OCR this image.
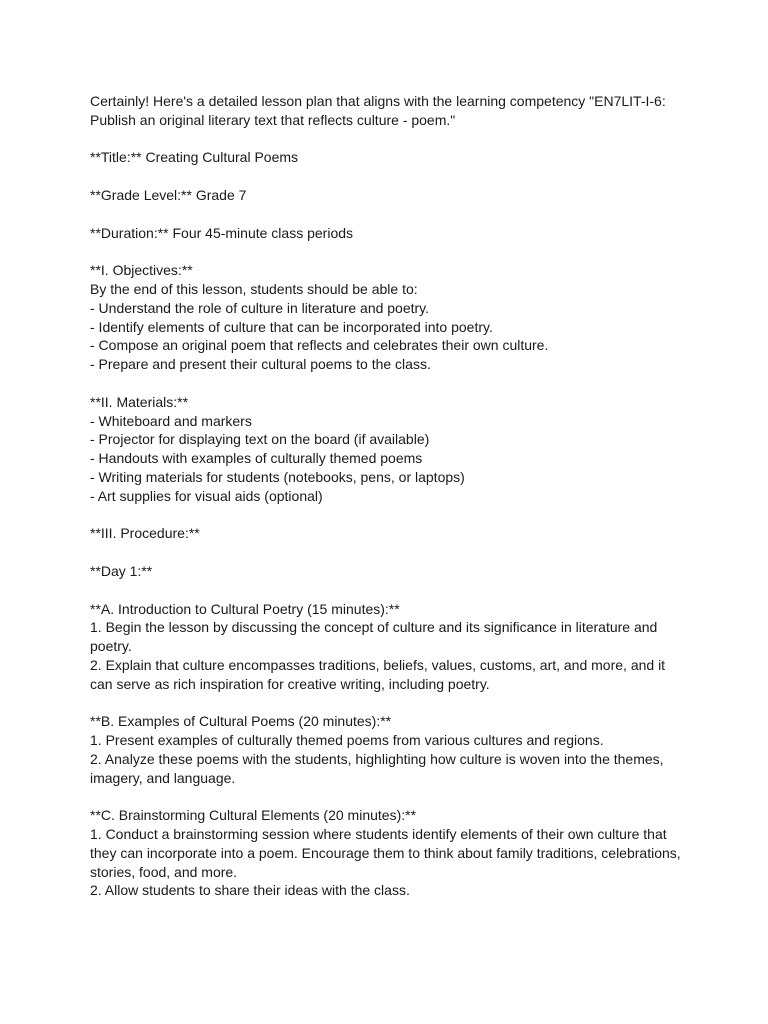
Certainly! Here's a detailed lesson plan that aligns with the learning competency "EN7LIT-I-6:
Publish an original literary text that reflects culture - poem."
**Title:** Creating Cultural Poems
**Grade Level:** Grade 7
**Duration:** Four 45-minute class periods
**I. Objectives:**
By the end of this lesson, students should be able to:
- Understand the role of culture in literature and poetry.
- Identify elements of culture that can be incorporated into poetry.
- Compose an original poem that reflects and celebrates their own culture.
- Prepare and present their cultural poems to the class.
**II. Materials:**
- Whiteboard and markers
- Projector for displaying text on the board (if available)
- Handouts with examples of culturally themed poems
- Writing materials for students (notebooks, pens, or laptops)
- Art supplies for visual aids (optional)
**III. Procedure:**
**Day 1:**
**A. Introduction to Cultural Poetry (15 minutes):**
1. Begin the lesson by discussing the concept of culture and its significance in literature and
poetry.
2. Explain that culture encompasses traditions, beliefs, values, customs, art, and more, and it
can serve as rich inspiration for creative writing, including poetry.
**B. Examples of Cultural Poems (20 minutes):**
1. Present examples of culturally themed poems from various cultures and regions.
2. Analyze these poems with the students, highlighting how culture is woven into the themes,
imagery, and language.
**C. Brainstorming Cultural Elements (20 minutes):**
1. Conduct a brainstorming session where students identify elements of their own culture that
they can incorporate into a poem. Encourage them to think about family traditions, celebrations,
stories, food, and more.
2. Allow students to share their ideas with the class.
